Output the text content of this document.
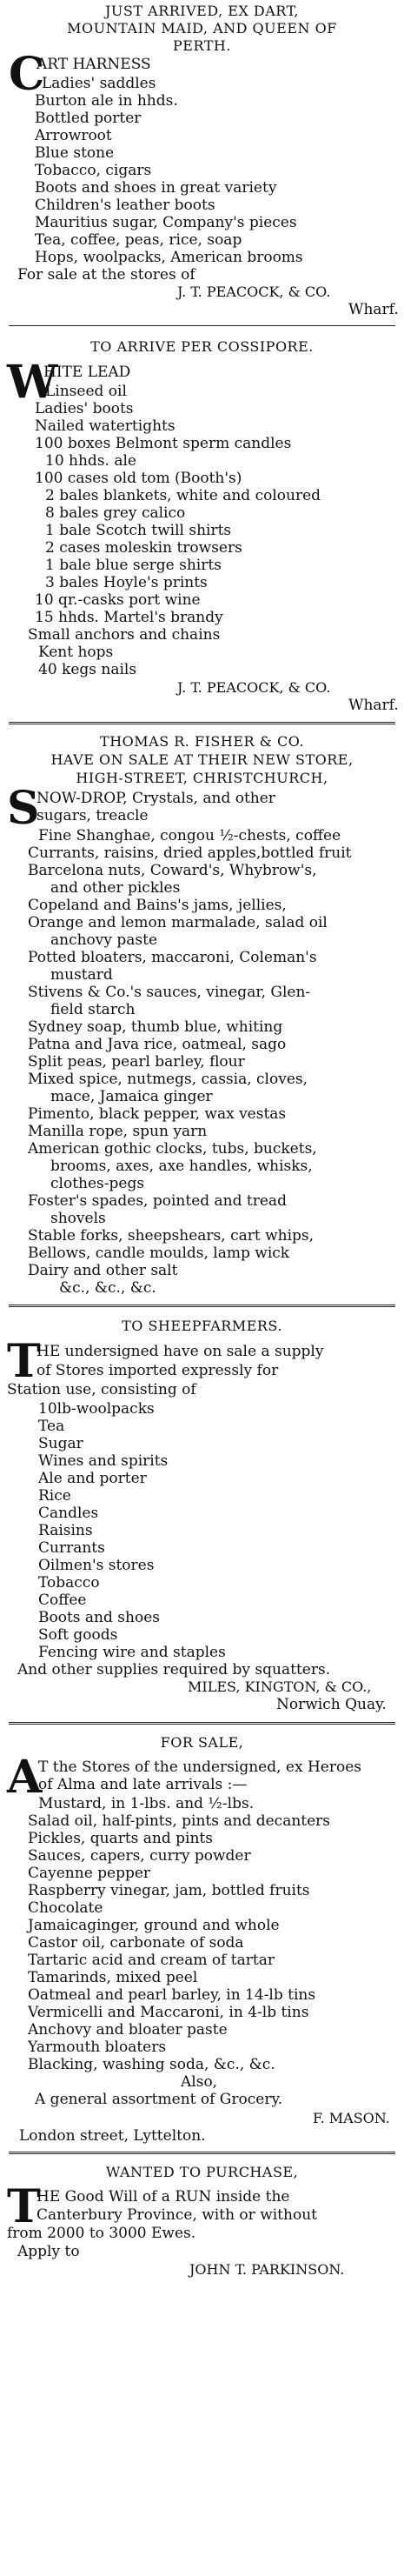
JUST ARRIVED, EX DART,
MOUNTAIN MAID, AND QUEEN OF
PERTH.
C
ART HARNESS
Ladies' saddles
Burton ale in hhds.
Bottled porter
Arrowroot
Blue stone
Tobacco, cigars
Boots and shoes in great variety
Children's leather boots
Mauritius sugar, Company's pieces
Tea, coffee, peas, rice, soap
Hops, woolpacks, American brooms
For sale at the stores of
J. T. PEACOCK, & CO.
Wharf.
TO ARRIVE PER COSSIPORE.
W
HITE LEAD
Linseed oil
Ladies' boots
Nailed watertights
100 boxes Belmont sperm candles
10 hhds. ale
100 cases old tom (Booth's)
2 bales blankets, white and coloured
8 bales grey calico
1 bale Scotch twill shirts
2 cases moleskin trowsers
1 bale blue serge shirts
3 bales Hoyle's prints
10 qr.-casks port wine
15 hhds. Martel's brandy
Small anchors and chains
Kent hops
40 kegs nails
J. T. PEACOCK, & CO.
Wharf.
THOMAS R. FISHER & CO.
HAVE ON SALE AT THEIR NEW STORE,
HIGH-STREET, CHRISTCHURCH,
S
NOW-DROP, Crystals, and other
sugars, treacle
Fine Shanghae, congou ½-chests, coffee
Currants, raisins, dried apples,bottled fruit
Barcelona nuts, Coward's, Whybrow's,
and other pickles
Copeland and Bains's jams, jellies,
Orange and lemon marmalade, salad oil
anchovy paste
Potted bloaters, maccaroni, Coleman's
mustard
Stivens & Co.'s sauces, vinegar, Glen-
field starch
Sydney soap, thumb blue, whiting
Patna and Java rice, oatmeal, sago
Split peas, pearl barley, flour
Mixed spice, nutmegs, cassia, cloves,
mace, Jamaica ginger
Pimento, black pepper, wax vestas
Manilla rope, spun yarn
American gothic clocks, tubs, buckets,
brooms, axes, axe handles, whisks,
clothes-pegs
Foster's spades, pointed and tread
shovels
Stable forks, sheepshears, cart whips,
Bellows, candle moulds, lamp wick
Dairy and other salt
&c., &c., &c.
TO SHEEPFARMERS.
T
HE undersigned have on sale a supply
of Stores imported expressly for
Station use, consisting of
10lb-woolpacks
Tea
Sugar
Wines and spirits
Ale and porter
Rice
Candles
Raisins
Currants
Oilmen's stores
Tobacco
Coffee
Boots and shoes
Soft goods
Fencing wire and staples
And other supplies required by squatters.
MILES, KINGTON, & CO.,
Norwich Quay.
FOR SALE,
A
T the Stores of the undersigned, ex Heroes
of Alma and late arrivals :—
Mustard, in 1-lbs. and ½-lbs.
Salad oil, half-pints, pints and decanters
Pickles, quarts and pints
Sauces, capers, curry powder
Cayenne pepper
Raspberry vinegar, jam, bottled fruits
Chocolate
Jamaicaginger, ground and whole
Castor oil, carbonate of soda
Tartaric acid and cream of tartar
Tamarinds, mixed peel
Oatmeal and pearl barley, in 14-lb tins
Vermicelli and Maccaroni, in 4-lb tins
Anchovy and bloater paste
Yarmouth bloaters
Blacking, washing soda, &c., &c.
Also,
A general assortment of Grocery.
F. MASON.
London street, Lyttelton.
WANTED TO PURCHASE,
T
HE Good Will of a RUN inside the
Canterbury Province, with or without
from 2000 to 3000 Ewes.
Apply to
JOHN T. PARKINSON.
